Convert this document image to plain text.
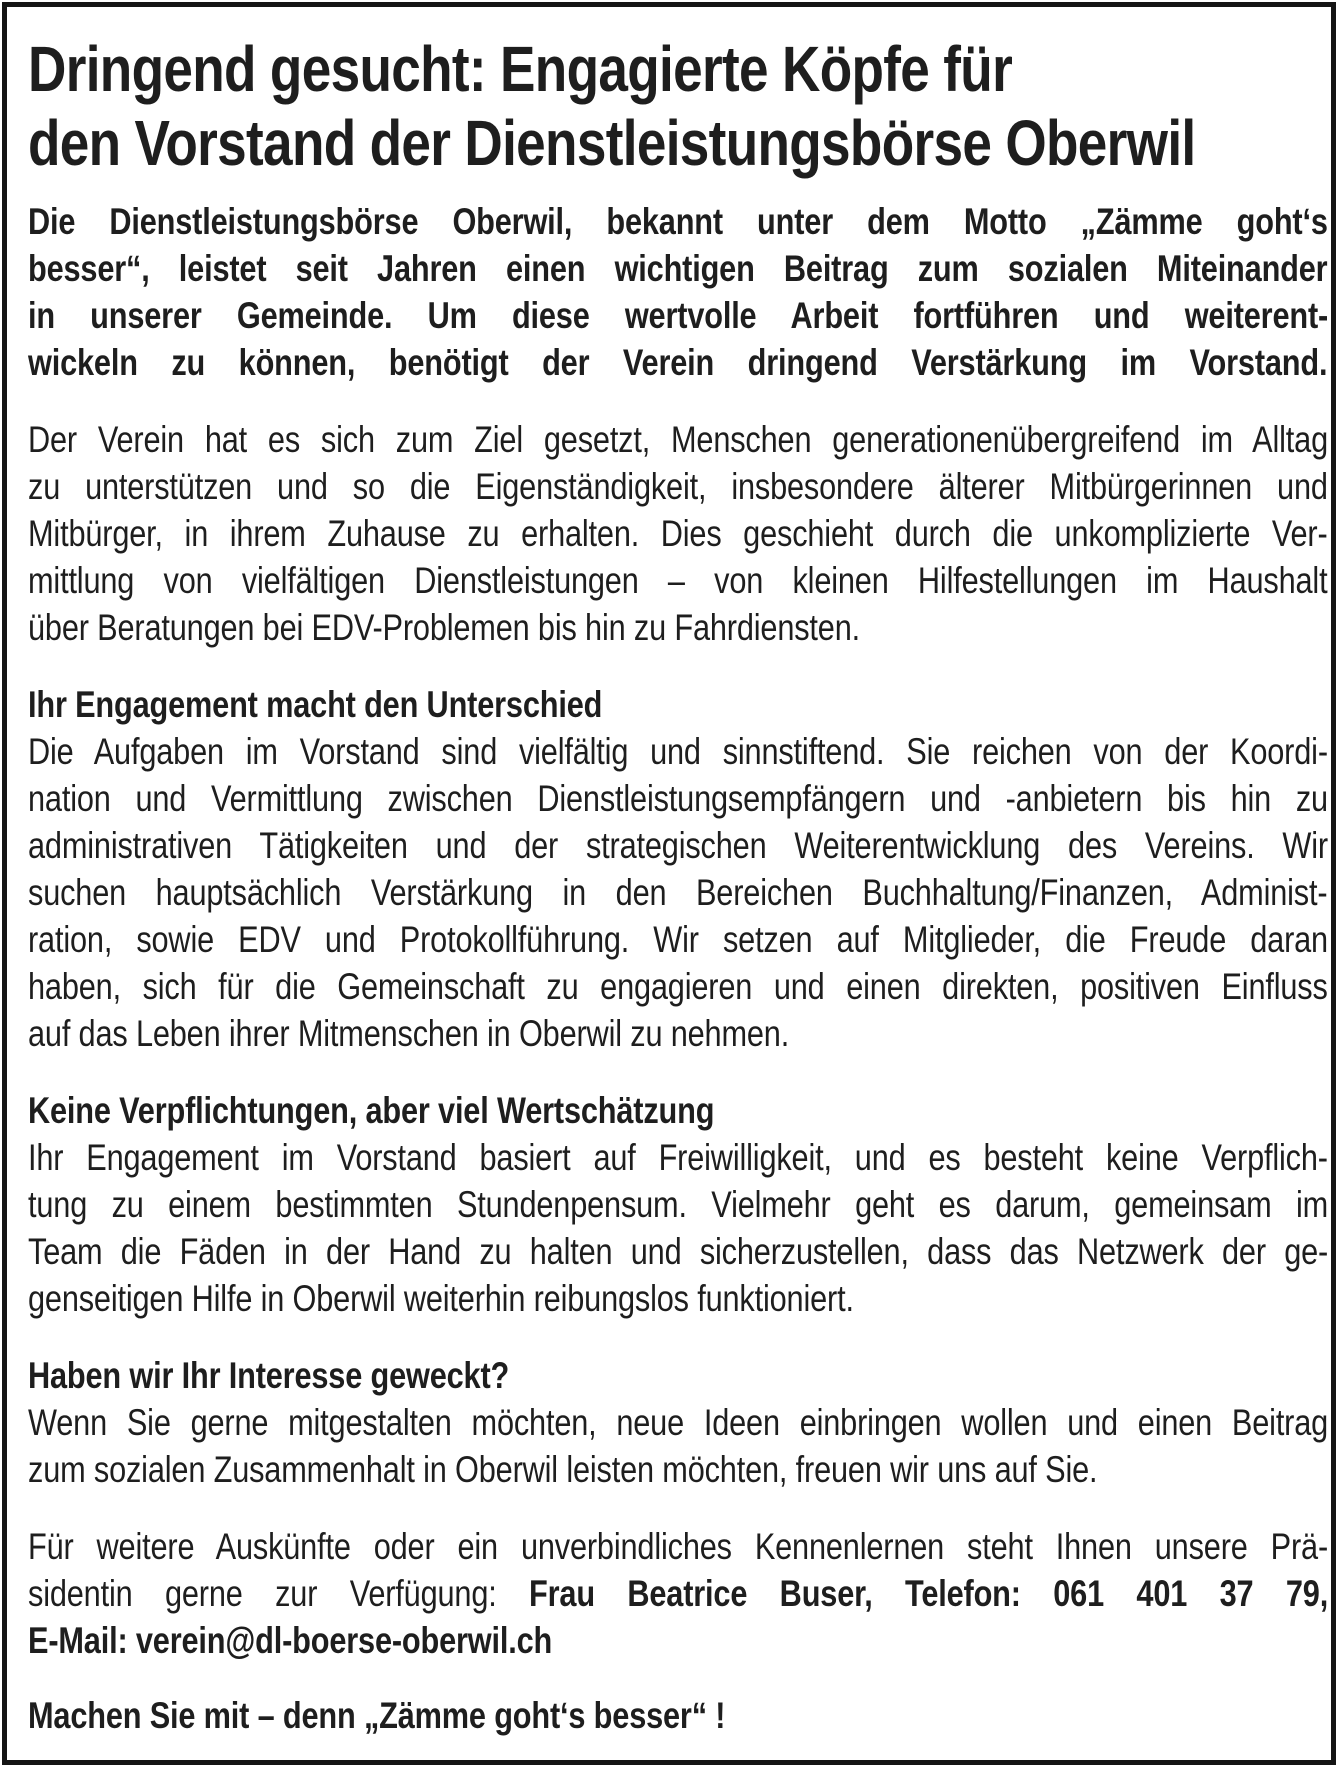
Dringend gesucht: Engagierte Köpfe für
den Vorstand der Dienstleistungsbörse Oberwil
Die Dienstleistungsbörse Oberwil, bekannt unter dem Motto „Zämme goht‘s
besser“, leistet seit Jahren einen wichtigen Beitrag zum sozialen Miteinander
in unserer Gemeinde. Um diese wertvolle Arbeit fortführen und weiterent-
wickeln zu können, benötigt der Verein dringend Verstärkung im Vorstand.
Der Verein hat es sich zum Ziel gesetzt, Menschen generationenübergreifend im Alltag
zu unterstützen und so die Eigenständigkeit, insbesondere älterer Mitbürgerinnen und
Mitbürger, in ihrem Zuhause zu erhalten. Dies geschieht durch die unkomplizierte Ver-
mittlung von vielfältigen Dienstleistungen – von kleinen Hilfestellungen im Haushalt
über Beratungen bei EDV-Problemen bis hin zu Fahrdiensten.
Ihr Engagement macht den Unterschied
Die Aufgaben im Vorstand sind vielfältig und sinnstiftend. Sie reichen von der Koordi-
nation und Vermittlung zwischen Dienstleistungsempfängern und -anbietern bis hin zu
administrativen Tätigkeiten und der strategischen Weiterentwicklung des Vereins. Wir
suchen hauptsächlich Verstärkung in den Bereichen Buchhaltung/Finanzen, Administ-
ration, sowie EDV und Protokollführung. Wir setzen auf Mitglieder, die Freude daran
haben, sich für die Gemeinschaft zu engagieren und einen direkten, positiven Einfluss
auf das Leben ihrer Mitmenschen in Oberwil zu nehmen.
Keine Verpflichtungen, aber viel Wertschätzung
Ihr Engagement im Vorstand basiert auf Freiwilligkeit, und es besteht keine Verpflich-
tung zu einem bestimmten Stundenpensum. Vielmehr geht es darum, gemeinsam im
Team die Fäden in der Hand zu halten und sicherzustellen, dass das Netzwerk der ge-
genseitigen Hilfe in Oberwil weiterhin reibungslos funktioniert.
Haben wir Ihr Interesse geweckt?
Wenn Sie gerne mitgestalten möchten, neue Ideen einbringen wollen und einen Beitrag
zum sozialen Zusammenhalt in Oberwil leisten möchten, freuen wir uns auf Sie.
Für weitere Auskünfte oder ein unverbindliches Kennenlernen steht Ihnen unsere Prä-
sidentin gerne zur Verfügung: Frau Beatrice Buser, Telefon: 061 401 37 79,
E-Mail: verein@dl-boerse-oberwil.ch
Machen Sie mit – denn „Zämme goht‘s besser“ !
